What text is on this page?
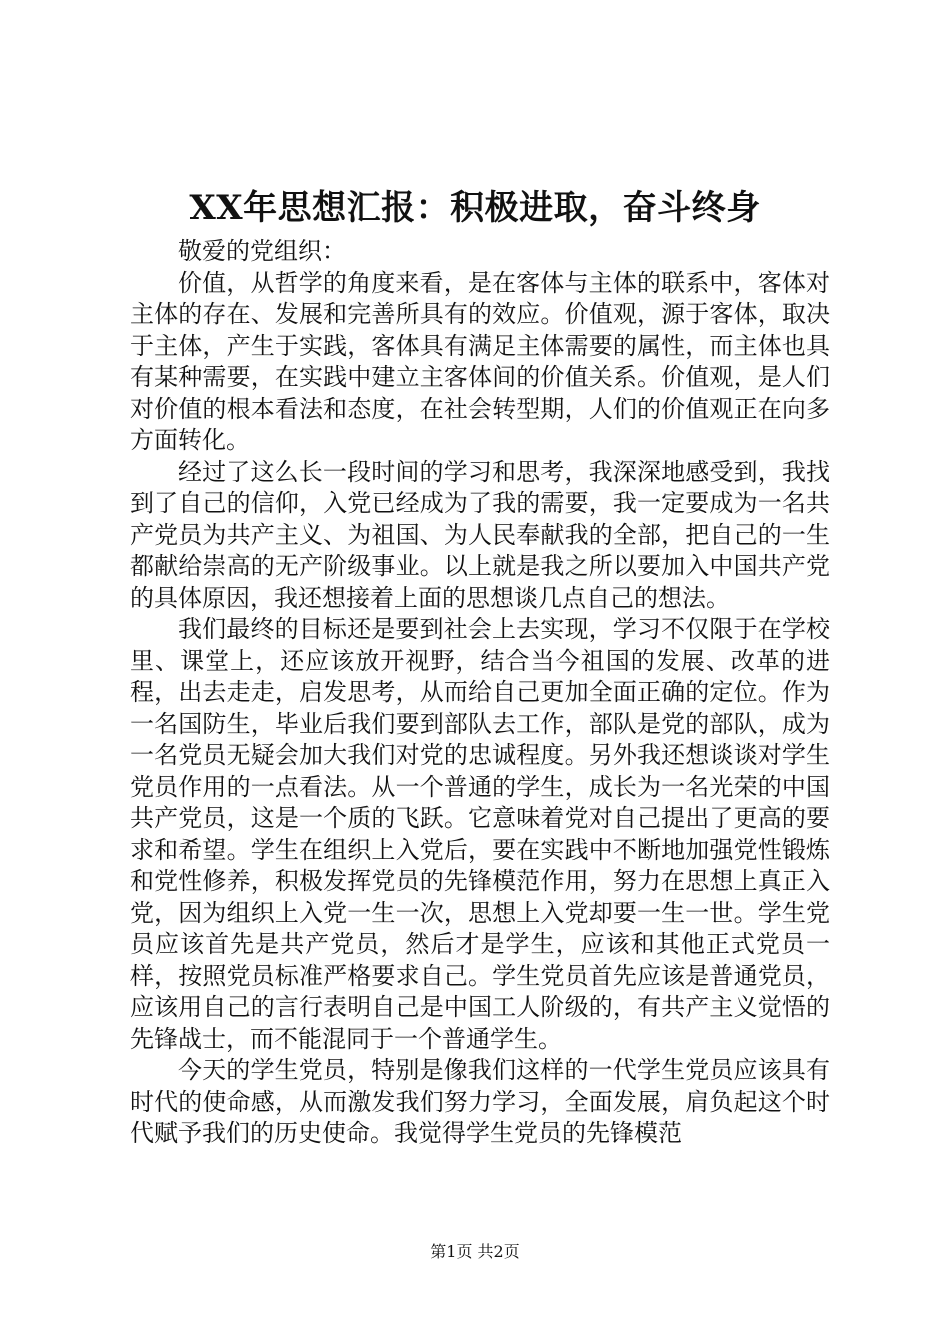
XX年思想汇报：积极进取，奋斗终身

敬爱的党组织：

价值，从哲学的角度来看，是在客体与主体的联系中，客体对主体的存在、发展和完善所具有的效应。价值观，源于客体，取决于主体，产生于实践，客体具有满足主体需要的属性，而主体也具有某种需要，在实践中建立主客体间的价值关系。价值观，是人们对价值的根本看法和态度，在社会转型期，人们的价值观正在向多方面转化。

经过了这么长一段时间的学习和思考，我深深地感受到，我找到了自己的信仰，入党已经成为了我的需要，我一定要成为一名共产党员为共产主义、为祖国、为人民奉献我的全部，把自己的一生都献给崇高的无产阶级事业。以上就是我之所以要加入中国共产党的具体原因，我还想接着上面的思想谈几点自己的想法。

我们最终的目标还是要到社会上去实现，学习不仅限于在学校里、课堂上，还应该放开视野，结合当今祖国的发展、改革的进程，出去走走，启发思考，从而给自己更加全面正确的定位。作为一名国防生，毕业后我们要到部队去工作，部队是党的部队，成为一名党员无疑会加大我们对党的忠诚程度。另外我还想谈谈对学生党员作用的一点看法。从一个普通的学生，成长为一名光荣的中国共产党员，这是一个质的飞跃。它意味着党对自己提出了更高的要求和希望。学生在组织上入党后，要在实践中不断地加强党性锻炼和党性修养，积极发挥党员的先锋模范作用，努力在思想上真正入党，因为组织上入党一生一次，思想上入党却要一生一世。学生党员应该首先是共产党员，然后才是学生，应该和其他正式党员一样，按照党员标准严格要求自己。学生党员首先应该是普通党员，应该用自己的言行表明自己是中国工人阶级的，有共产主义觉悟的先锋战士，而不能混同于一个普通学生。

今天的学生党员，特别是像我们这样的一代学生党员应该具有时代的使命感，从而激发我们努力学习，全面发展，肩负起这个时代赋予我们的历史使命。我觉得学生党员的先锋模范

第1页 共2页
